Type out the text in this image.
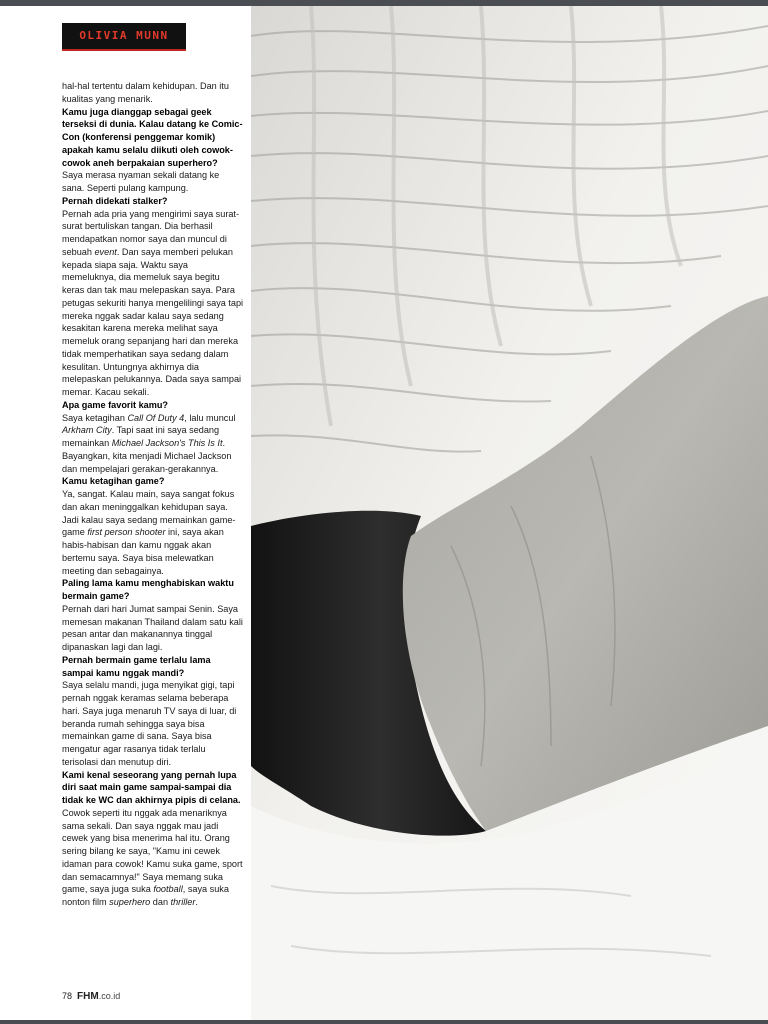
OLIVIA MUNN

hal-hal tertentu dalam kehidupan. Dan itu kualitas yang menarik.

Kamu juga dianggap sebagai geek terseksi di dunia. Kalau datang ke Comic-Con (konferensi penggemar komik) apakah kamu selalu diikuti oleh cowok-cowok aneh berpakaian superhero?

Saya merasa nyaman sekali datang ke sana. Seperti pulang kampung.

Pernah didekati stalker?

Pernah ada pria yang mengirimi saya surat-surat bertuliskan tangan. Dia berhasil mendapatkan nomor saya dan muncul di sebuah event. Dan saya memberi pelukan kepada siapa saja. Waktu saya memeluknya, dia memeluk saya begitu keras dan tak mau melepaskan saya. Para petugas sekuriti hanya mengelilingi saya tapi mereka nggak sadar kalau saya sedang kesakitan karena mereka melihat saya memeluk orang sepanjang hari dan mereka tidak memperhatikan saya sedang dalam kesulitan. Untungnya akhirnya dia melepaskan pelukannya. Dada saya sampai memar. Kacau sekali.

Apa game favorit kamu?

Saya ketagihan Call Of Duty 4, lalu muncul Arkham City. Tapi saat ini saya sedang memainkan Michael Jackson's This Is It. Bayangkan, kita menjadi Michael Jackson dan mempelajari gerakan-gerakannya.

Kamu ketagihan game?

Ya, sangat. Kalau main, saya sangat fokus dan akan meninggalkan kehidupan saya. Jadi kalau saya sedang memainkan game-game first person shooter ini, saya akan habis-habisan dan kamu nggak akan bertemu saya. Saya bisa melewatkan meeting dan sebagainya.

Paling lama kamu menghabiskan waktu bermain game?

Pernah dari hari Jumat sampai Senin. Saya memesan makanan Thailand dalam satu kali pesan antar dan makanannya tinggal dipanaskan lagi dan lagi.

Pernah bermain game terlalu lama sampai kamu nggak mandi?

Saya selalu mandi, juga menyikat gigi, tapi pernah nggak keramas selama beberapa hari. Saya juga menaruh TV saya di luar, di beranda rumah sehingga saya bisa memainkan game di sana. Saya bisa mengatur agar rasanya tidak terlalu terisolasi dan menutup diri.

Kami kenal seseorang yang pernah lupa diri saat main game sampai-sampai dia tidak ke WC dan akhirnya pipis di celana.

Cowok seperti itu nggak ada menariknya sama sekali. Dan saya nggak mau jadi cewek yang bisa menerima hal itu. Orang sering bilang ke saya, "Kamu ini cewek idaman para cowok! Kamu suka game, sport dan semacamnya!" Saya memang suka game, saya juga suka football, saya suka nonton film superhero dan thriller.

78 FHM.co.id
